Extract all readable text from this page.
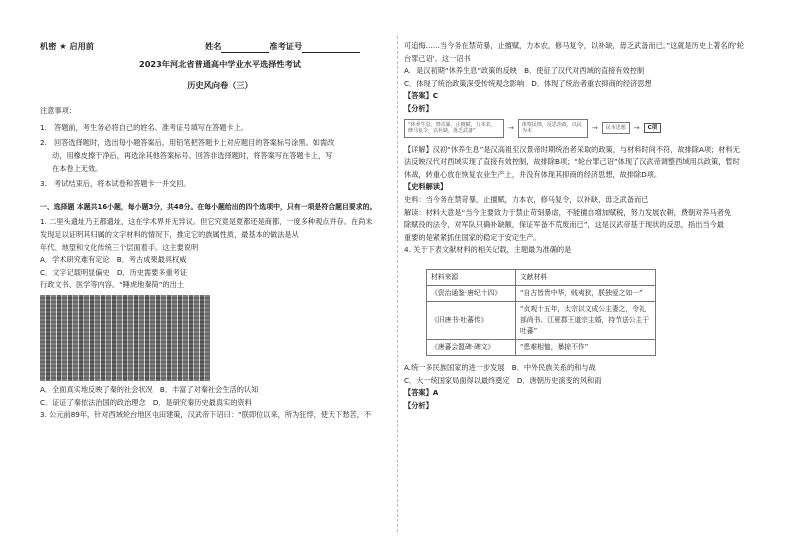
机密 ★ 启用前	姓名	准考证号
2023年河北省普通高中学业水平选择性考试
历史风向卷（三）

注意事项：

1.　答题前，考生务必将自己的姓名、准考证号填写在答题卡上。

2.　回答选择题时，选出每小题答案后，用铅笔把答题卡上对应题目的答案标号涂黑。如需改

动，用橡皮擦干净后，再选涂其他答案标号。回答非选择题时，将答案写在答题卡上，写

在本卷上无效。

3.　考试结束后，将本试卷和答题卡一并交回。

一、选择题 本题共16小题，每小题3分，共48分。在每小题给出的四个选项中，只有一项是符合题目要求的。

1. 二里头遗址乃王都遗址，这在学术界并无异议。但它究竟是夏都还是商都，一度多种观点并存。在尚未

发现足以证明其归属的文字材料的情况下，推定它的族属性质，最基本的做法是从

年代、地望和文化传统三个层面着手。这主要说明

A．学术研究难有定论　B．考古成果最具权威

C．文字记载明显偏史　D．历史需要多重考证

行政文书、医学等内容。“睡虎地秦简”的出土

A．全面真实地反映了秦的社会状况　B．丰富了对秦社会生活的认知

C．证证了秦依法治国的政治理念　D．是研究秦历史最真实的资料

3. 公元前89年，针对西域轮台地区屯田建策，汉武帝下诏曰：“朕即位以来，所为狂悖，使天下愁苦，不

可追悔……当今务在禁苛暴，止擅赋，力本农，修马复令，以补缺，毋乏武备而已。”这就是历史上著名的'轮

台罪己诏'。这一诏书

A．是汉初期“休养生息”政策的反映　B．使征了汉代对西域的直接有效控制

C．体现了统治政策深受传统观念影响　D．体现了统治者重农抑商的经济思想

【答案】C

【分析】

“休养生息，禁苛暴，止擅赋，力本农，修马复令，以补缺，毋乏武备”	→	体察民情，反思治政，以民为本	→	民本思想	→	C项

【详解】汉初“休养生息”是汉高祖至汉景帝时期统治者采取的政策，与材料时间不符，故排除A项；材料无

法反映汉代对西域实现了直接有效控制，故排除B项；“轮台罪己诏”体现了汉武帝调整西域用兵政策，暂时

休战，转重心放在恢复农业生产上，并没有体现其抑商的经济思想，故排除D项。

【史料解读】

史料：当今务在禁苛暴，止擅赋，力本农，修马复令，以补缺，毋乏武备而已

解读：材料大意是“当今主要致力于禁止苛刻暴虐，不能擅自增加赋税，努力发展农耕，费朝对养马者免

除赋役的法令，对军队只确补缺额，保证军备不荒废而已”，这是汉武帝基于现状的反思，指出当今最

重要的是紧紧抓住国家的稳定于安定生产。

4. 关于下表文献材料的相关记载，主题最为准确的是

材料来源	文献材料
《资治通鉴·唐纪十四》	“自古皆贵中华，贱夷狄，朕独爱之如一”
《旧唐书·吐蕃传》	“贞观十五年，太宗以文成公主妻之，令礼部尚书、江夏郡王道宗主婚，持节送公主于吐蕃”
《唐蕃会盟碑·碑文》	“患难相恤，暴掠不作”

A.统一多民族国家的进一步发展　B．中外民族关系的和与战

C．大一统国家局面得以最终奠定　D．唐朝历史演变的风和雨

【答案】A

【分析】
